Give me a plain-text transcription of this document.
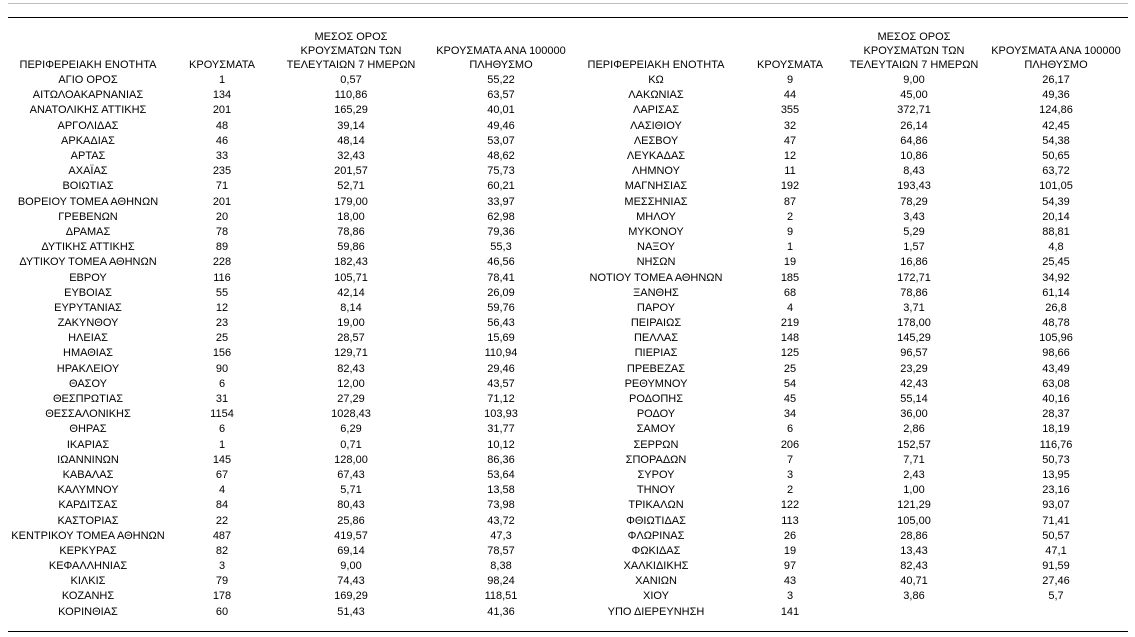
ΠΕΡΙΦΕΡΕΙΑΚΗ ΕΝΟΤΗΤΑ	ΚΡΟΥΣΜΑΤΑ	ΜΕΣΟΣ ΟΡΟΣ
ΚΡΟΥΣΜΑΤΩΝ ΤΩΝ
ΤΕΛΕΥΤΑΙΩΝ 7 ΗΜΕΡΩΝ	ΚΡΟΥΣΜΑΤΑ ΑΝΑ 100000
ΠΛΗΘΥΣΜΟ	ΠΕΡΙΦΕΡΕΙΑΚΗ ΕΝΟΤΗΤΑ	ΚΡΟΥΣΜΑΤΑ	ΜΕΣΟΣ ΟΡΟΣ
ΚΡΟΥΣΜΑΤΩΝ ΤΩΝ
ΤΕΛΕΥΤΑΙΩΝ 7 ΗΜΕΡΩΝ	ΚΡΟΥΣΜΑΤΑ ΑΝΑ 100000
ΠΛΗΘΥΣΜΟ

ΑΓΙΟ ΟΡΟΣ	1	0,57	55,22	ΚΩ	9	9,00	26,17
ΑΙΤΩΛΟΑΚΑΡΝΑΝΙΑΣ	134	110,86	63,57	ΛΑΚΩΝΙΑΣ	44	45,00	49,36
ΑΝΑΤΟΛΙΚΗΣ ΑΤΤΙΚΗΣ	201	165,29	40,01	ΛΑΡΙΣΑΣ	355	372,71	124,86
ΑΡΓΟΛΙΔΑΣ	48	39,14	49,46	ΛΑΣΙΘΙΟΥ	32	26,14	42,45
ΑΡΚΑΔΙΑΣ	46	48,14	53,07	ΛΕΣΒΟΥ	47	64,86	54,38
ΑΡΤΑΣ	33	32,43	48,62	ΛΕΥΚΑΔΑΣ	12	10,86	50,65
ΑΧΑΪΑΣ	235	201,57	75,73	ΛΗΜΝΟΥ	11	8,43	63,72
ΒΟΙΩΤΙΑΣ	71	52,71	60,21	ΜΑΓΝΗΣΙΑΣ	192	193,43	101,05
ΒΟΡΕΙΟΥ ΤΟΜΕΑ ΑΘΗΝΩΝ	201	179,00	33,97	ΜΕΣΣΗΝΙΑΣ	87	78,29	54,39
ΓΡΕΒΕΝΩΝ	20	18,00	62,98	ΜΗΛΟΥ	2	3,43	20,14
ΔΡΑΜΑΣ	78	78,86	79,36	ΜΥΚΟΝΟΥ	9	5,29	88,81
ΔΥΤΙΚΗΣ ΑΤΤΙΚΗΣ	89	59,86	55,3	ΝΑΞΟΥ	1	1,57	4,8
ΔΥΤΙΚΟΥ ΤΟΜΕΑ ΑΘΗΝΩΝ	228	182,43	46,56	ΝΗΣΩΝ	19	16,86	25,45
ΕΒΡΟΥ	116	105,71	78,41	ΝΟΤΙΟΥ ΤΟΜΕΑ ΑΘΗΝΩΝ	185	172,71	34,92
ΕΥΒΟΙΑΣ	55	42,14	26,09	ΞΑΝΘΗΣ	68	78,86	61,14
ΕΥΡΥΤΑΝΙΑΣ	12	8,14	59,76	ΠΑΡΟΥ	4	3,71	26,8
ΖΑΚΥΝΘΟΥ	23	19,00	56,43	ΠΕΙΡΑΙΩΣ	219	178,00	48,78
ΗΛΕΙΑΣ	25	28,57	15,69	ΠΕΛΛΑΣ	148	145,29	105,96
ΗΜΑΘΙΑΣ	156	129,71	110,94	ΠΙΕΡΙΑΣ	125	96,57	98,66
ΗΡΑΚΛΕΙΟΥ	90	82,43	29,46	ΠΡΕΒΕΖΑΣ	25	23,29	43,49
ΘΑΣΟΥ	6	12,00	43,57	ΡΕΘΥΜΝΟΥ	54	42,43	63,08
ΘΕΣΠΡΩΤΙΑΣ	31	27,29	71,12	ΡΟΔΟΠΗΣ	45	55,14	40,16
ΘΕΣΣΑΛΟΝΙΚΗΣ	1154	1028,43	103,93	ΡΟΔΟΥ	34	36,00	28,37
ΘΗΡΑΣ	6	6,29	31,77	ΣΑΜΟΥ	6	2,86	18,19
ΙΚΑΡΙΑΣ	1	0,71	10,12	ΣΕΡΡΩΝ	206	152,57	116,76
ΙΩΑΝΝΙΝΩΝ	145	128,00	86,36	ΣΠΟΡΑΔΩΝ	7	7,71	50,73
ΚΑΒΑΛΑΣ	67	67,43	53,64	ΣΥΡΟΥ	3	2,43	13,95
ΚΑΛΥΜΝΟΥ	4	5,71	13,58	ΤΗΝΟΥ	2	1,00	23,16
ΚΑΡΔΙΤΣΑΣ	84	80,43	73,98	ΤΡΙΚΑΛΩΝ	122	121,29	93,07
ΚΑΣΤΟΡΙΑΣ	22	25,86	43,72	ΦΘΙΩΤΙΔΑΣ	113	105,00	71,41
ΚΕΝΤΡΙΚΟΥ ΤΟΜΕΑ ΑΘΗΝΩΝ	487	419,57	47,3	ΦΛΩΡΙΝΑΣ	26	28,86	50,57
ΚΕΡΚΥΡΑΣ	82	69,14	78,57	ΦΩΚΙΔΑΣ	19	13,43	47,1
ΚΕΦΑΛΛΗΝΙΑΣ	3	9,00	8,38	ΧΑΛΚΙΔΙΚΗΣ	97	82,43	91,59
ΚΙΛΚΙΣ	79	74,43	98,24	ΧΑΝΙΩΝ	43	40,71	27,46
ΚΟΖΑΝΗΣ	178	169,29	118,51	ΧΙΟΥ	3	3,86	5,7
ΚΟΡΙΝΘΙΑΣ	60	51,43	41,36	ΥΠΟ ΔΙΕΡΕΥΝΗΣΗ	141		
